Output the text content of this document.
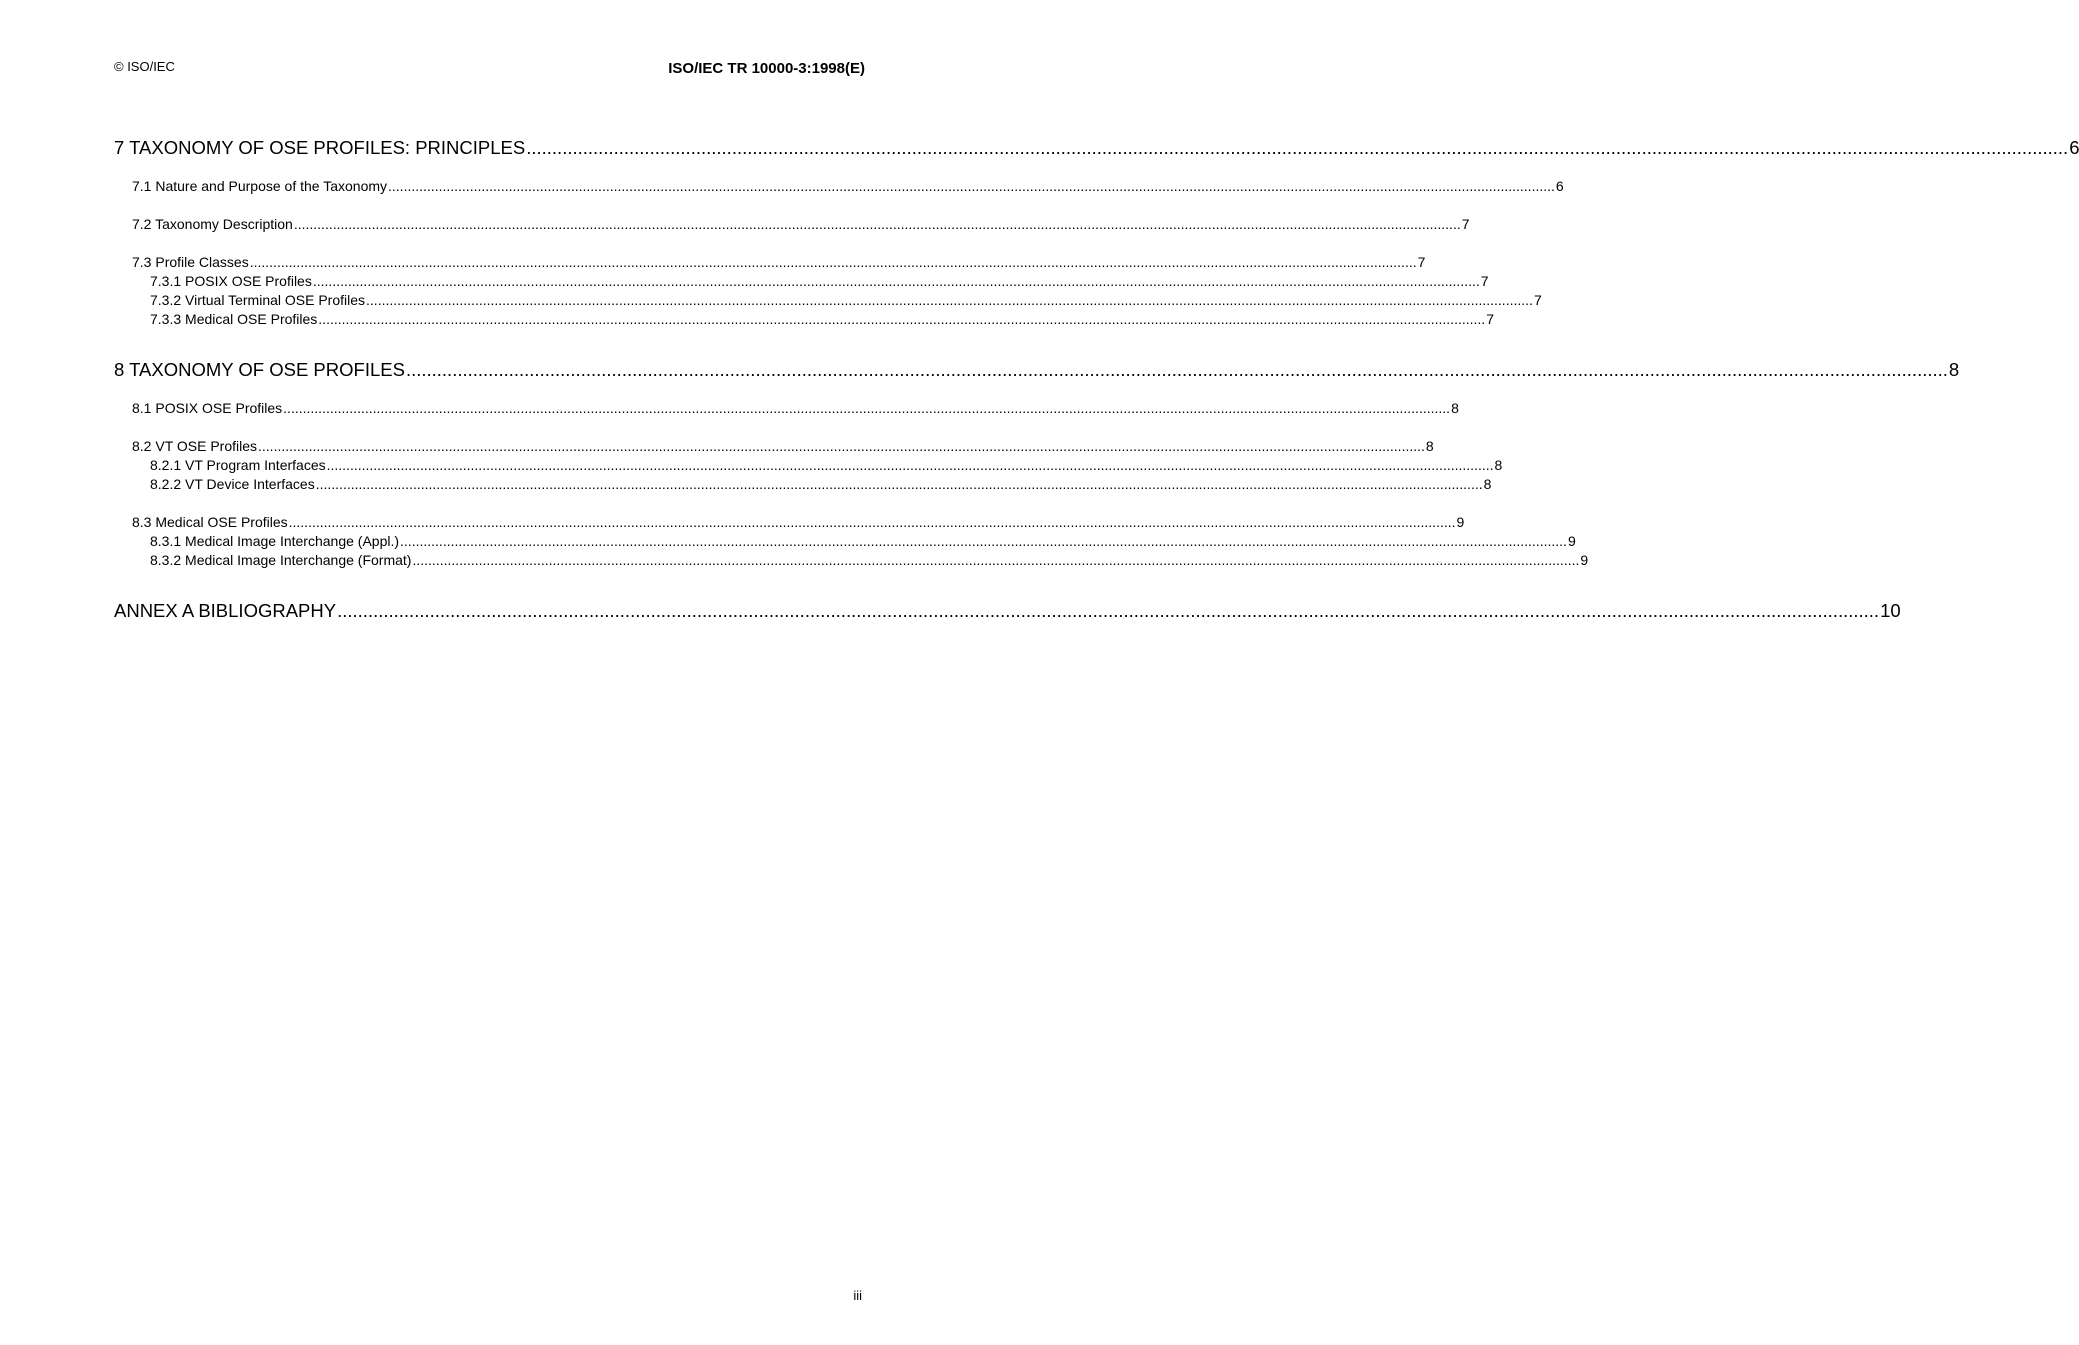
© ISO/IEC	ISO/IEC TR 10000-3:1998(E)
7 TAXONOMY OF OSE PROFILES: PRINCIPLES ............................................................................................................................................................................................................................................................................................................ 6
7.1 Nature and Purpose of the Taxonomy ............................................................................................................................................................................................................................................................................................................ 6
7.2 Taxonomy Description ............................................................................................................................................................................................................................................................................................................ 7
7.3 Profile Classes ............................................................................................................................................................................................................................................................................................................ 7
7.3.1 POSIX OSE Profiles ............................................................................................................................................................................................................................................................................................................ 7
7.3.2 Virtual Terminal OSE Profiles ............................................................................................................................................................................................................................................................................................................ 7
7.3.3 Medical OSE Profiles ............................................................................................................................................................................................................................................................................................................ 7
8 TAXONOMY OF OSE PROFILES ............................................................................................................................................................................................................................................................................................................ 8
8.1 POSIX OSE Profiles ............................................................................................................................................................................................................................................................................................................ 8
8.2 VT OSE Profiles ............................................................................................................................................................................................................................................................................................................ 8
8.2.1 VT Program Interfaces ............................................................................................................................................................................................................................................................................................................ 8
8.2.2 VT Device Interfaces ............................................................................................................................................................................................................................................................................................................ 8
8.3 Medical OSE Profiles ............................................................................................................................................................................................................................................................................................................ 9
8.3.1 Medical Image Interchange (Appl.) ............................................................................................................................................................................................................................................................................................................ 9
8.3.2 Medical Image Interchange (Format) ............................................................................................................................................................................................................................................................................................................ 9
ANNEX A BIBLIOGRAPHY ............................................................................................................................................................................................................................................................................................................ 10
iii
